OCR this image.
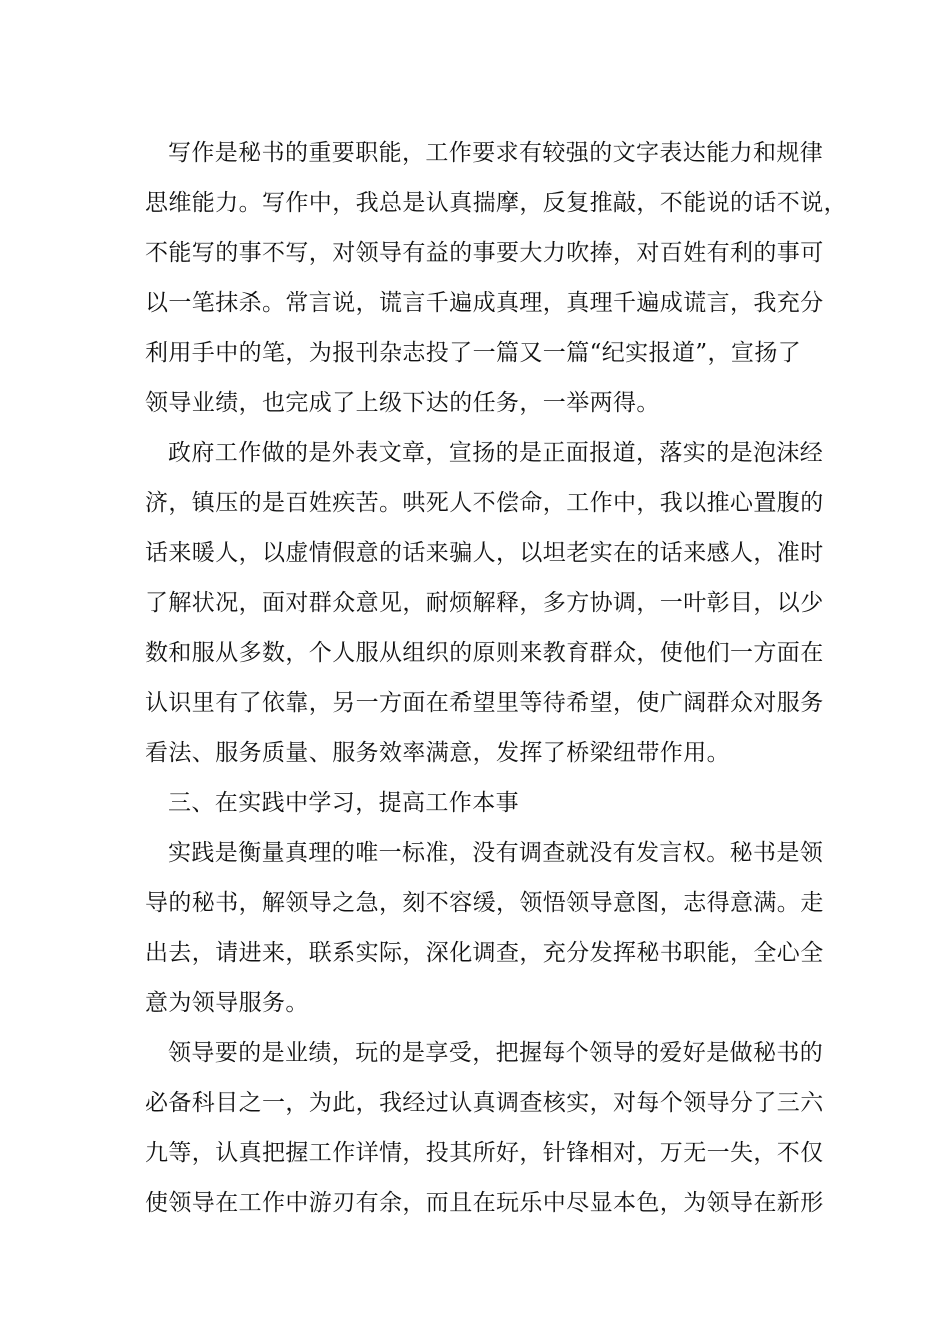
写作是秘书的重要职能，工作要求有较强的文字表达能力和规律
思维能力。写作中，我总是认真揣摩，反复推敲，不能说的话不说，
不能写的事不写，对领导有益的事要大力吹捧，对百姓有利的事可
以一笔抹杀。常言说，谎言千遍成真理，真理千遍成谎言，我充分
利用手中的笔，为报刊杂志投了一篇又一篇“纪实报道”，宣扬了
领导业绩，也完成了上级下达的任务，一举两得。
政府工作做的是外表文章，宣扬的是正面报道，落实的是泡沫经
济，镇压的是百姓疾苦。哄死人不偿命，工作中，我以推心置腹的
话来暖人，以虚情假意的话来骗人，以坦老实在的话来感人，准时
了解状况，面对群众意见，耐烦解释，多方协调，一叶彰目，以少
数和服从多数，个人服从组织的原则来教育群众，使他们一方面在
认识里有了依靠，另一方面在希望里等待希望，使广阔群众对服务
看法、服务质量、服务效率满意，发挥了桥梁纽带作用。
三、在实践中学习，提高工作本事
实践是衡量真理的唯一标准，没有调查就没有发言权。秘书是领
导的秘书，解领导之急，刻不容缓，领悟领导意图，志得意满。走
出去，请进来，联系实际，深化调查，充分发挥秘书职能，全心全
意为领导服务。
领导要的是业绩，玩的是享受，把握每个领导的爱好是做秘书的
必备科目之一，为此，我经过认真调查核实，对每个领导分了三六
九等，认真把握工作详情，投其所好，针锋相对，万无一失，不仅
使领导在工作中游刃有余，而且在玩乐中尽显本色，为领导在新形
